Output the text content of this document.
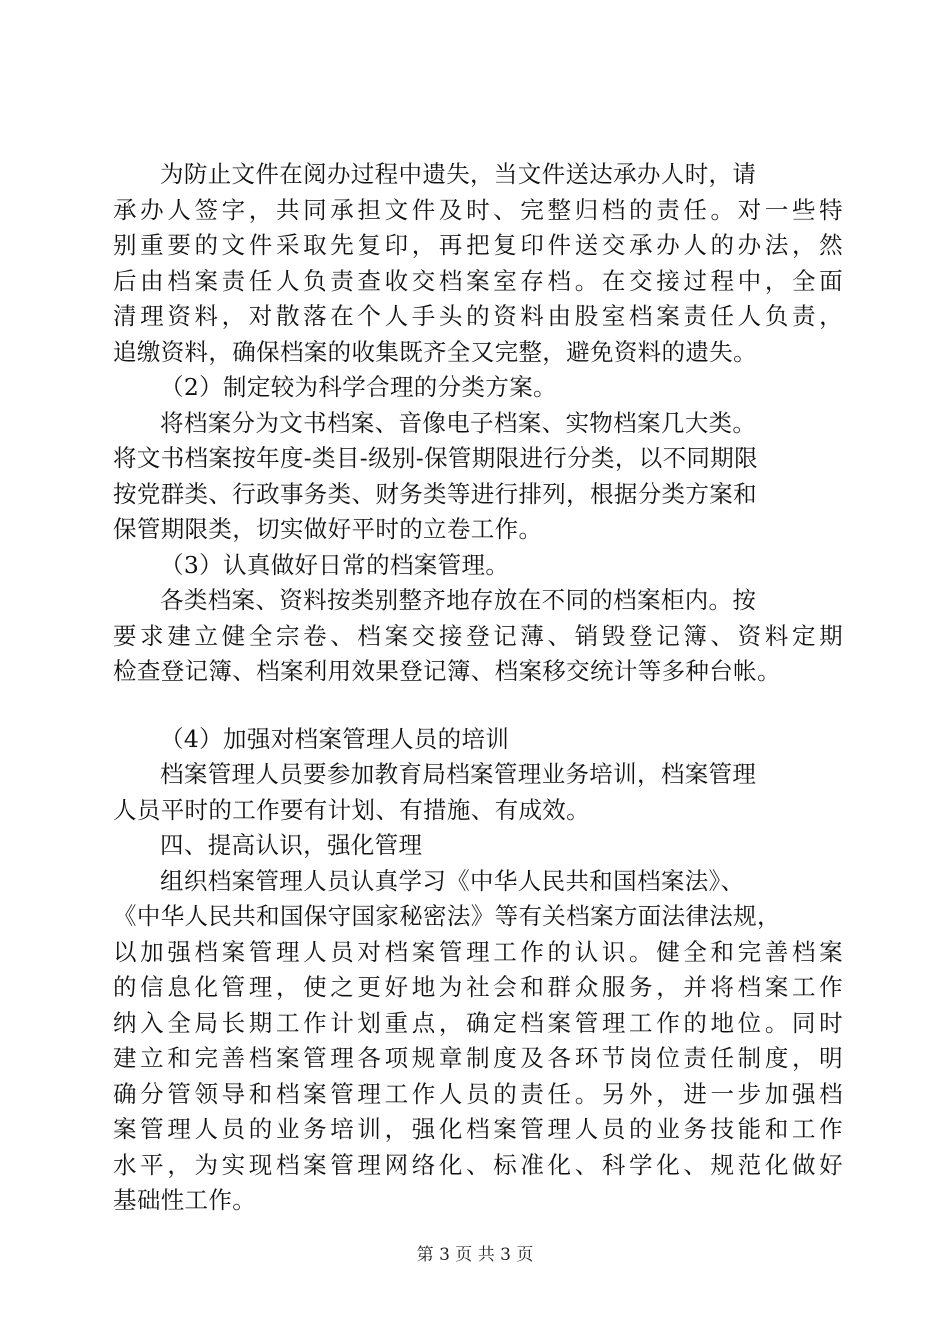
为防止文件在阅办过程中遗失，当文件送达承办人时，请
承办人签字，共同承担文件及时、完整归档的责任。对一些特
别重要的文件采取先复印，再把复印件送交承办人的办法，然
后由档案责任人负责查收交档案室存档。在交接过程中，全面
清理资料，对散落在个人手头的资料由股室档案责任人负责，
追缴资料，确保档案的收集既齐全又完整，避免资料的遗失。
（2）制定较为科学合理的分类方案。
将档案分为文书档案、音像电子档案、实物档案几大类。
将文书档案按年度-类目-级别-保管期限进行分类，以不同期限
按党群类、行政事务类、财务类等进行排列，根据分类方案和
保管期限类，切实做好平时的立卷工作。
（3）认真做好日常的档案管理。
各类档案、资料按类别整齐地存放在不同的档案柜内。按
要求建立健全宗卷、档案交接登记薄、销毁登记簿、资料定期
检查登记簿、档案利用效果登记簿、档案移交统计等多种台帐。
（4）加强对档案管理人员的培训
档案管理人员要参加教育局档案管理业务培训，档案管理
人员平时的工作要有计划、有措施、有成效。
四、提高认识，强化管理
组织档案管理人员认真学习《中华人民共和国档案法》、
《中华人民共和国保守国家秘密法》等有关档案方面法律法规，
以加强档案管理人员对档案管理工作的认识。健全和完善档案
的信息化管理，使之更好地为社会和群众服务，并将档案工作
纳入全局长期工作计划重点，确定档案管理工作的地位。同时
建立和完善档案管理各项规章制度及各环节岗位责任制度，明
确分管领导和档案管理工作人员的责任。另外，进一步加强档
案管理人员的业务培训，强化档案管理人员的业务技能和工作
水平，为实现档案管理网络化、标准化、科学化、规范化做好
基础性工作。
第 3 页 共 3 页
